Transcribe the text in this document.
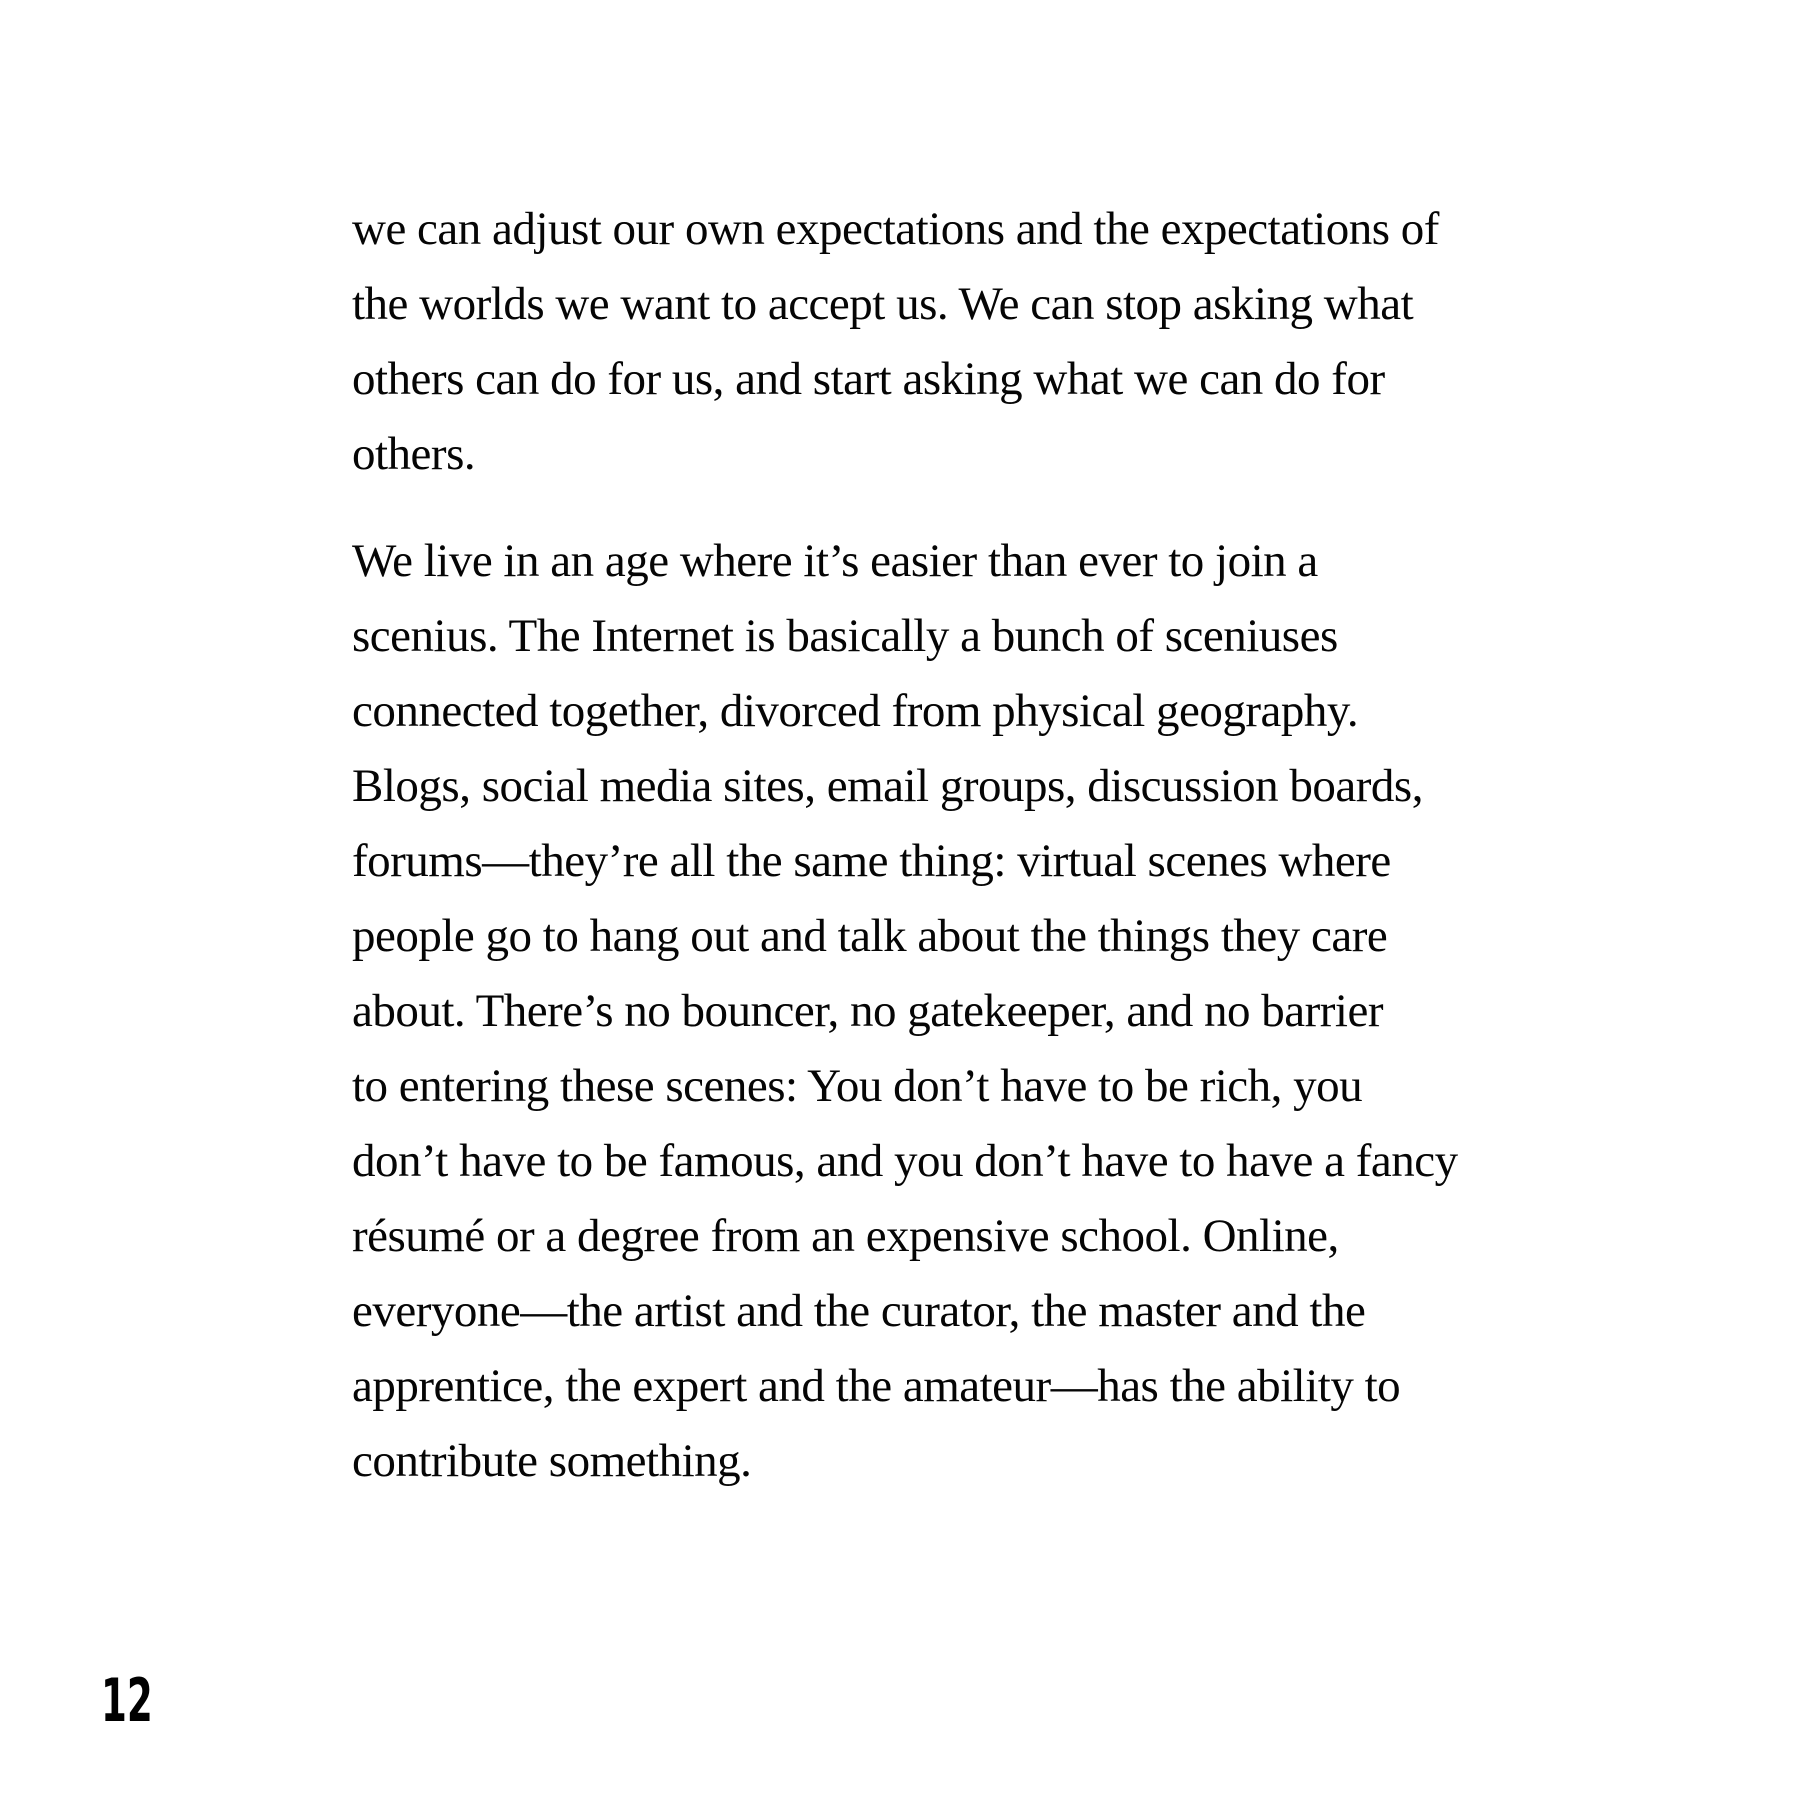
we can adjust our own expectations and the expectations of
the worlds we want to accept us. We can stop asking what
others can do for us, and start asking what we can do for
others.

We live in an age where it’s easier than ever to join a
scenius. The Internet is basically a bunch of sceniuses
connected together, divorced from physical geography.
Blogs, social media sites, email groups, discussion boards,
forums—they’re all the same thing: virtual scenes where
people go to hang out and talk about the things they care
about. There’s no bouncer, no gatekeeper, and no barrier
to entering these scenes: You don’t have to be rich, you
don’t have to be famous, and you don’t have to have a fancy
résumé or a degree from an expensive school. Online,
everyone—the artist and the curator, the master and the
apprentice, the expert and the amateur—has the ability to
contribute something.

12
